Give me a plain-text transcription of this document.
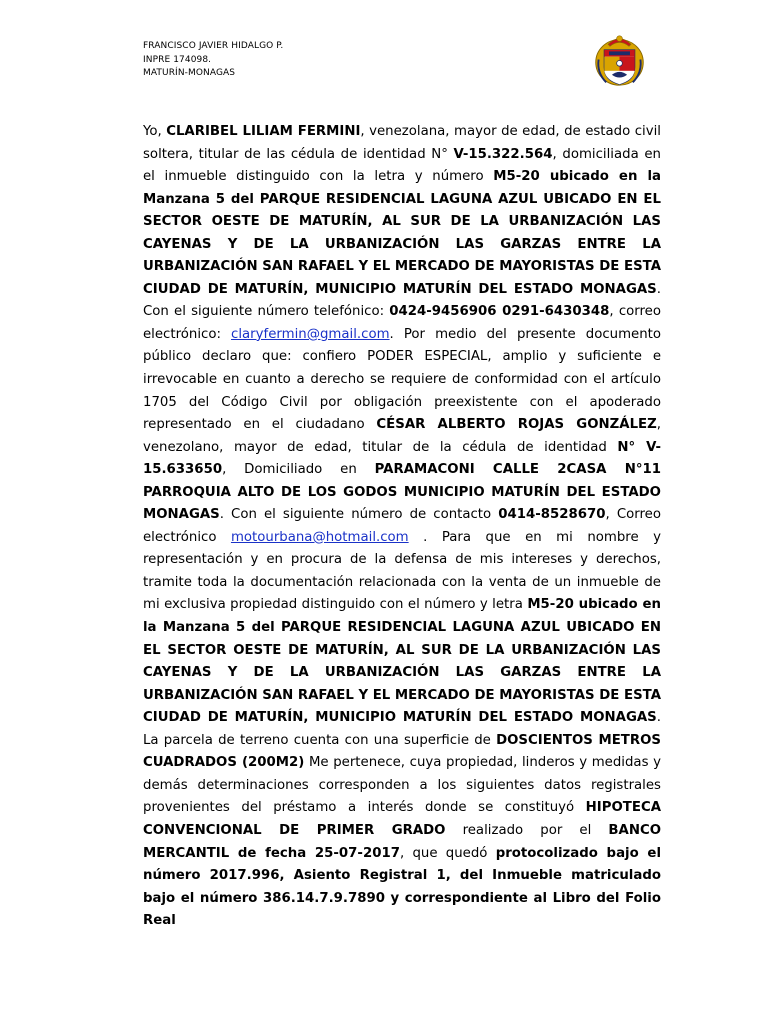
FRANCISCO JAVIER HIDALGO P.
INPRE 174098.
MATURÍN-MONAGAS

Yo, CLARIBEL LILIAM FERMINI, venezolana, mayor de edad, de estado civil soltera, titular de las cédula de identidad N° V-15.322.564, domiciliada en el inmueble distinguido con la letra y número M5-20 ubicado en la Manzana 5 del PARQUE RESIDENCIAL LAGUNA AZUL UBICADO EN EL SECTOR OESTE DE MATURÍN, AL SUR DE LA URBANIZACIÓN LAS CAYENAS Y DE LA URBANIZACIÓN LAS GARZAS ENTRE LA URBANIZACIÓN SAN RAFAEL Y EL MERCADO DE MAYORISTAS DE ESTA CIUDAD DE MATURÍN, MUNICIPIO MATURÍN DEL ESTADO MONAGAS. Con el siguiente número telefónico: 0424-9456906 0291-6430348, correo electrónico: claryfermin@gmail.com. Por medio del presente documento público declaro que: confiero PODER ESPECIAL, amplio y suficiente e irrevocable en cuanto a derecho se requiere de conformidad con el artículo 1705 del Código Civil por obligación preexistente con el apoderado representado en el ciudadano CÉSAR ALBERTO ROJAS GONZÁLEZ, venezolano, mayor de edad, titular de la cédula de identidad N° V- 15.633650, Domiciliado en PARAMACONI CALLE 2CASA N°11 PARROQUIA ALTO DE LOS GODOS MUNICIPIO MATURÍN DEL ESTADO MONAGAS. Con el siguiente número de contacto 0414-8528670, Correo electrónico motourbana@hotmail.com . Para que en mi nombre y representación y en procura de la defensa de mis intereses y derechos, tramite toda la documentación relacionada con la venta de un inmueble de mi exclusiva propiedad distinguido con el número y letra M5-20 ubicado en la Manzana 5 del PARQUE RESIDENCIAL LAGUNA AZUL UBICADO EN EL SECTOR OESTE DE MATURÍN, AL SUR DE LA URBANIZACIÓN LAS CAYENAS Y DE LA URBANIZACIÓN LAS GARZAS ENTRE LA URBANIZACIÓN SAN RAFAEL Y EL MERCADO DE MAYORISTAS DE ESTA CIUDAD DE MATURÍN, MUNICIPIO MATURÍN DEL ESTADO MONAGAS. La parcela de terreno cuenta con una superficie de DOSCIENTOS METROS CUADRADOS (200M2) Me pertenece, cuya propiedad, linderos y medidas y demás determinaciones corresponden a los siguientes datos registrales provenientes del préstamo a interés donde se constituyó HIPOTECA CONVENCIONAL DE PRIMER GRADO realizado por el BANCO MERCANTIL de fecha 25-07-2017, que quedó protocolizado bajo el número 2017.996, Asiento Registral 1, del Inmueble matriculado bajo el número 386.14.7.9.7890 y correspondiente al Libro del Folio Real
